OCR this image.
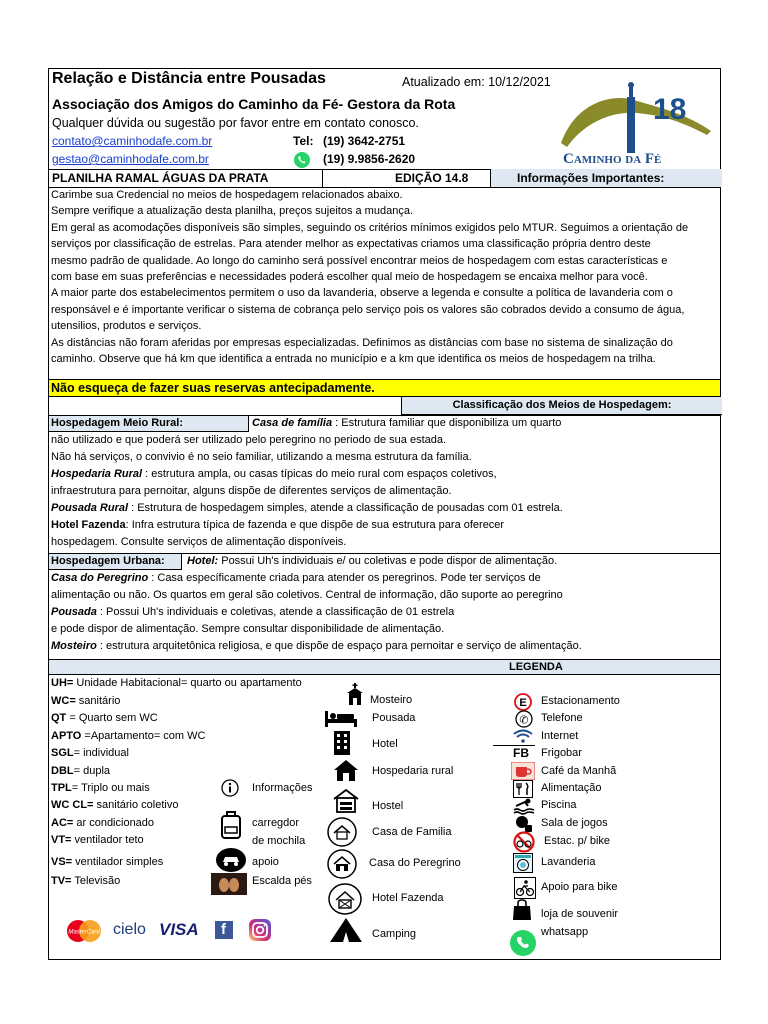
Relação e Distância entre Pousadas	Atualizado em: 10/12/2021
Associação dos Amigos do Caminho da Fé- Gestora da Rota
Qualquer dúvida ou sugestão por favor entre em contato conosco.
contato@caminhodafe.com.br
gestao@caminhodafe.com.br
Tel: (19) 3642-2751
(19) 9.9856-2620
18
Caminho da Fé
PLANILHA RAMAL ÁGUAS DA PRATA	EDIÇÃO 14.8	Informações Importantes:

Carimbe sua Credencial no meios de hospedagem relacionados abaixo.

Sempre verifique a atualização desta planilha, preços sujeitos a mudança.

Em geral as acomodações disponíveis são simples, seguindo os critérios mínimos exigidos pelo MTUR. Seguimos a orientação de

serviços por classificação de estrelas. Para atender melhor as expectativas criamos uma classificação própria dentro deste

mesmo padrão de qualidade. Ao longo do caminho será possível encontrar meios de hospedagem com estas características e

com base em suas preferências e necessidades poderá escolher qual meio de hospedagem se encaixa melhor para você.

A maior parte dos estabelecimentos permitem o uso da lavanderia, observe a legenda e consulte a política de lavanderia com o

responsável e é importante verificar o sistema de cobrança pelo serviço pois os valores são cobrados devido a consumo de água,

utensilios, produtos e serviços.

As distâncias não foram aferidas por empresas especializadas. Definimos as distâncias com base no sistema de sinalização do

caminho. Observe que há km que identifica a entrada no município e a km que identifica os meios de hospedagem na trilha.

Não esqueça de fazer suas reservas antecipadamente.
Classificação dos Meios de Hospedagem:
Hospedagem Meio Rural:	Casa de família : Estrutura familiar que disponibiliza um quarto
não utilizado e que poderá ser utilizado pelo peregrino no periodo de sua estada.
Não há serviços, o convivio é no seio familiar, utilizando a mesma estrutura da família.
Hospedaria Rural : estrutura ampla, ou casas típicas do meio rural com espaços coletivos,
infraestrutura para pernoitar, alguns dispõe de diferentes serviços de alimentação.
Pousada Rural : Estrutura de hospedagem simples, atende a classificação de pousadas com 01 estrela.
Hotel Fazenda: Infra estrutura típica de fazenda e que dispõe de sua estrutura para oferecer
hospedagem. Consulte serviços de alimentação disponíveis.
Hospedagem Urbana: Hotel: Possui Uh's individuais e/ ou coletivas e pode dispor de alimentação.
Casa do Peregrino : Casa específicamente criada para atender os peregrinos. Pode ter serviços de
alimentação ou não. Os quartos em geral são coletivos. Central de informação, dão suporte ao peregrino
Pousada : Possui Uh's individuais e coletivas, atende a classificação de 01 estrela
e pode dispor de alimentação. Sempre consultar disponibilidade de alimentação.
Mosteiro : estrutura arquitetônica religiosa, e que dispõe de espaço para pernoitar e serviço de alimentação.
LEGENDA
UH= Unidade Habitacional= quarto ou apartamento
WC= sanitário
QT = Quarto sem WC
APTO =Apartamento= com WC
SGL= individual
DBL= dupla
TPL= Triplo ou mais
WC CL= sanitário coletivo
AC= ar condicionado
VT= ventilador teto
VS= ventilador simples
TV= Televisão
Informações
carregdor
de mochila
apoio
Escalda pés
Mosteiro
Pousada
Hotel
Hospedaria rural
Hostel
Casa de Familia
Casa do Peregrino
Hotel Fazenda
Camping
E Estacionamento
✆ Telefone
Internet
FB Frigobar
Café da Manhã
Alimentação
Piscina
Sala de jogos
Estac. p/ bike
Lavanderia
Apoio para bike
loja de souvenir
whatsapp
MasterCard cielo VISA f
